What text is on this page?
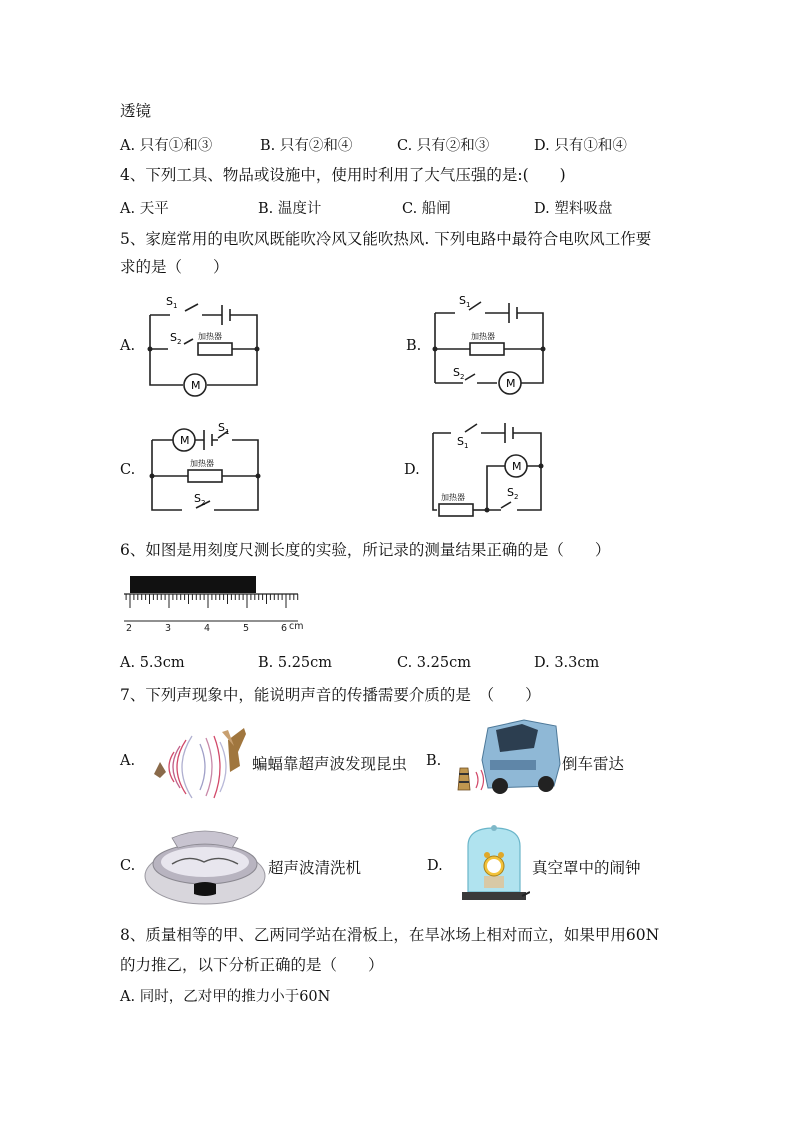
透镜
A. 只有①和③	B. 只有②和④	C. 只有②和③	D. 只有①和④
4、下列工具、物品或设施中，使用时利用了大气压强的是:(　　)
A. 天平	B. 温度计	C. 船闸	D. 塑料吸盘
5、家庭常用的电吹风既能吹冷风又能吹热风. 下列电路中最符合电吹风工作要
求的是（　　）
A.	B.
C.	D.
M
$S_1$
$S_2$
加热器
M
$S_1$
$S_2$
加热器
M
$S_1$
$S_2$
加热器	M
$S_1$
$S_2$
加热器
6、如图是用刻度尺测长度的实验，所记录的测量结果正确的是（　　）
2	3	4	5	6 cm
A. 5.3cm	B. 5.25cm	C. 3.25cm	D. 3.3cm
7、下列声现象中，能说明声音的传播需要介质的是　（　　）
A.	B.
C.	D.
蝙蝠靠超声波发现昆虫	倒车雷达
超声波清洗机	真空罩中的闹钟
8、质量相等的甲、乙两同学站在滑板上，在旱冰场上相对而立，如果甲用60N
的力推乙，以下分析正确的是（　　）
A. 同时，乙对甲的推力小于60N
